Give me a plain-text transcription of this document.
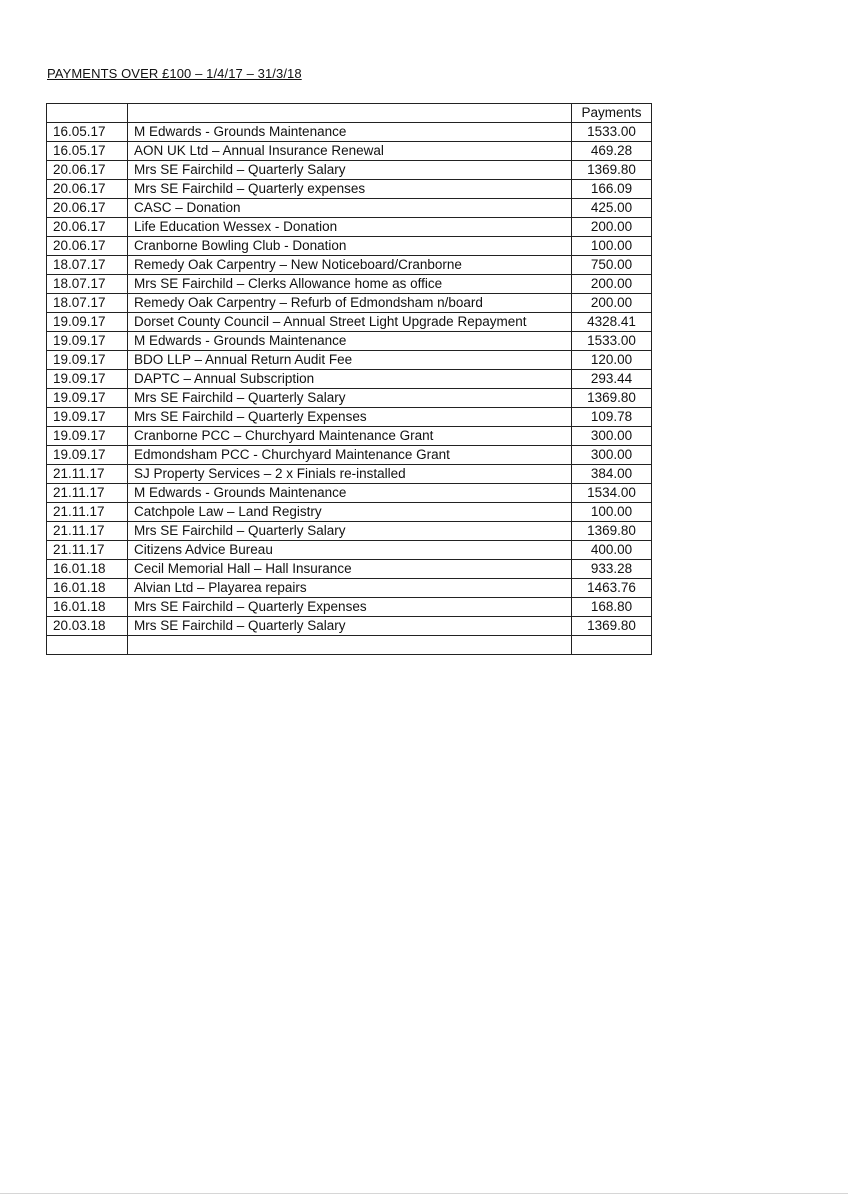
PAYMENTS OVER £100 – 1/4/17 – 31/3/18
		Payments
16.05.17	M Edwards - Grounds Maintenance	1533.00
16.05.17	AON UK Ltd – Annual Insurance Renewal	469.28
20.06.17	Mrs SE Fairchild – Quarterly Salary	1369.80
20.06.17	Mrs SE Fairchild – Quarterly expenses	166.09
20.06.17	CASC – Donation	425.00
20.06.17	Life Education Wessex - Donation	200.00
20.06.17	Cranborne Bowling Club - Donation	100.00
18.07.17	Remedy Oak Carpentry – New Noticeboard/Cranborne	750.00
18.07.17	Mrs SE Fairchild – Clerks Allowance home as office	200.00
18.07.17	Remedy Oak Carpentry – Refurb of Edmondsham n/board	200.00
19.09.17	Dorset County Council – Annual Street Light Upgrade Repayment	4328.41
19.09.17	M Edwards - Grounds Maintenance	1533.00
19.09.17	BDO LLP – Annual Return Audit Fee	120.00
19.09.17	DAPTC – Annual Subscription	293.44
19.09.17	Mrs SE Fairchild – Quarterly Salary	1369.80
19.09.17	Mrs SE Fairchild – Quarterly Expenses	109.78
19.09.17	Cranborne PCC – Churchyard Maintenance Grant	300.00
19.09.17	Edmondsham PCC - Churchyard Maintenance Grant	300.00
21.11.17	SJ Property Services – 2 x Finials re-installed	384.00
21.11.17	M Edwards - Grounds Maintenance	1534.00
21.11.17	Catchpole Law – Land Registry	100.00
21.11.17	Mrs SE Fairchild – Quarterly Salary	1369.80
21.11.17	Citizens Advice Bureau	400.00
16.01.18	Cecil Memorial Hall – Hall Insurance	933.28
16.01.18	Alvian Ltd – Playarea repairs	1463.76
16.01.18	Mrs SE Fairchild – Quarterly Expenses	168.80
20.03.18	Mrs SE Fairchild – Quarterly Salary	1369.80
